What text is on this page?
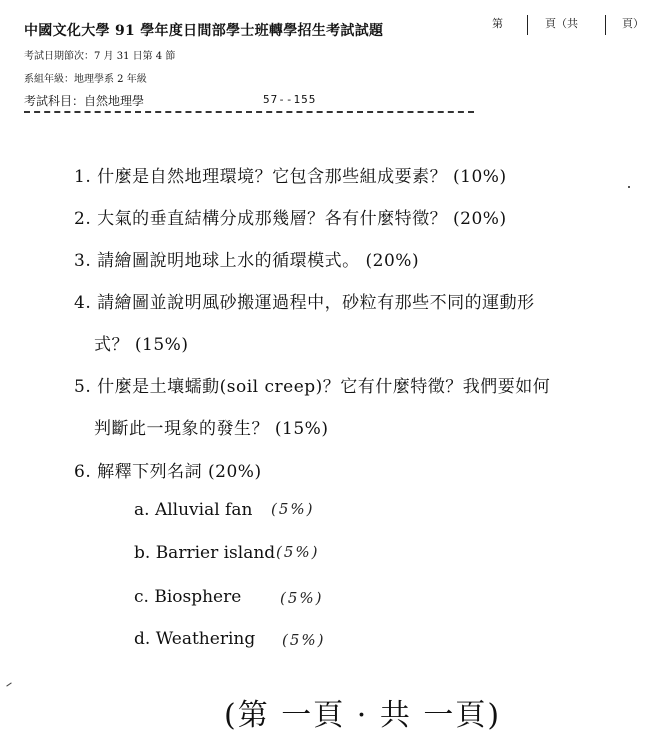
中國文化大學 91 學年度日間部學士班轉學招生考試試題	第	頁（共	頁）
考試日期節次：7 月 31 日第 4 節
系組年級：地理學系 2 年級
考試科目：自然地理學	57--155
1. 什麼是自然地理環境？它包含那些組成要素？ (10%)
2. 大氣的垂直結構分成那幾層？各有什麼特徵？ (20%)
3. 請繪圖說明地球上水的循環模式。 (20%)
4. 請繪圖並說明風砂搬運過程中，砂粒有那些不同的運動形
式？ (15%)
5. 什麼是土壤蠕動(soil creep)？它有什麼特徵？我們要如何
判斷此一現象的發生？ (15%)
6. 解釋下列名詞 (20%)
a. Alluvial fan (5%)
b. Barrier island (5%)
c. Biosphere	(5%)
d. Weathering (5%)
(第 一頁 · 共 一頁)
